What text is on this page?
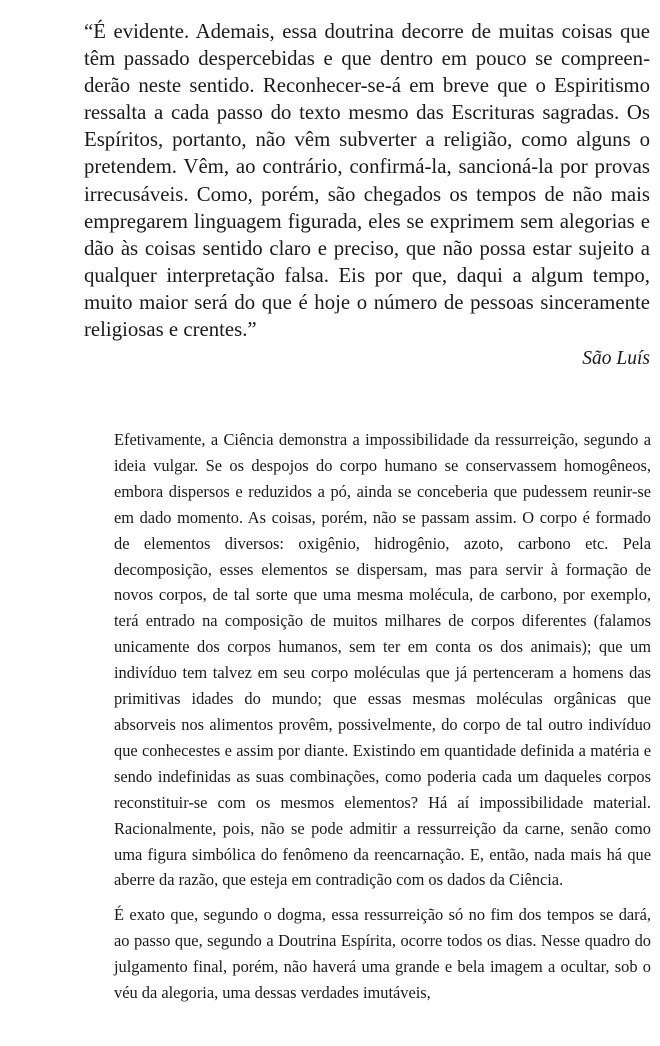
“É evidente. Ademais, essa doutrina decorre de muitas coisas que têm passado despercebidas e que dentro em pouco se compreenderão neste sentido. Reconhecer-se-á em breve que o Espiritismo ressalta a cada passo do texto mesmo das Escrituras sagradas. Os Espíritos, portanto, não vêm subverter a religião, como alguns o pretendem. Vêm, ao contrário, confirmá-la, sancioná-la por provas irrecusáveis. Como, porém, são chegados os tempos de não mais empregarem linguagem figurada, eles se exprimem sem alegorias e dão às coisas sentido claro e preciso, que não possa estar sujeito a qualquer interpretação falsa. Eis por que, daqui a algum tempo, muito maior será do que é hoje o número de pessoas sinceramente religiosas e crentes.”

São Luís

Efetivamente, a Ciência demonstra a impossibilidade da ressurreição, segundo a ideia vulgar. Se os despojos do corpo humano se conservassem homogêneos, embora dispersos e reduzidos a pó, ainda se conceberia que pudessem reunir-se em dado momento. As coisas, porém, não se passam assim. O corpo é formado de elementos diversos: oxigênio, hidrogênio, azoto, carbono etc. Pela decomposição, esses elementos se dispersam, mas para servir à formação de novos corpos, de tal sorte que uma mesma molécula, de carbono, por exemplo, terá entrado na composição de muitos milhares de corpos diferentes (falamos unicamente dos corpos humanos, sem ter em conta os dos animais); que um indivíduo tem talvez em seu corpo moléculas que já pertenceram a homens das primitivas idades do mundo; que essas mesmas moléculas orgânicas que absorveis nos alimentos provêm, possivelmente, do corpo de tal outro indivíduo que conhecestes e assim por diante. Existindo em quantidade definida a matéria e sendo indefinidas as suas combinações, como poderia cada um daqueles corpos reconstituir-se com os mesmos elementos? Há aí impossibilidade material. Racionalmente, pois, não se pode admitir a ressurreição da carne, senão como uma figura simbólica do fenômeno da reencarnação. E, então, nada mais há que aberre da razão, que esteja em contradição com os dados da Ciência.

É exato que, segundo o dogma, essa ressurreição só no fim dos tempos se dará, ao passo que, segundo a Doutrina Espírita, ocorre todos os dias. Nesse quadro do julgamento final, porém, não haverá uma grande e bela imagem a ocultar, sob o véu da alegoria, uma dessas verdades imutáveis,
